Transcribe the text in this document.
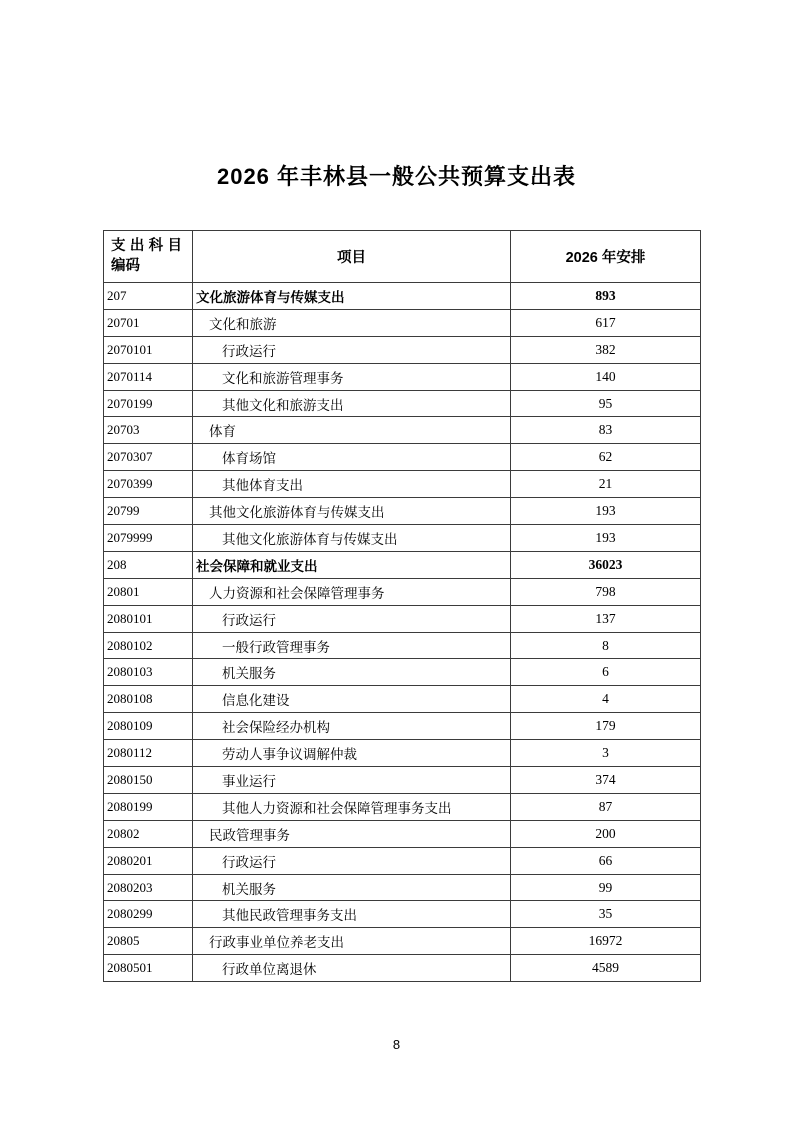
2026 年丰林县一般公共预算支出表
支出科目
编码	项目	2026 年安排
207	文化旅游体育与传媒支出	893
20701	文化和旅游	617
2070101	行政运行	382
2070114	文化和旅游管理事务	140
2070199	其他文化和旅游支出	95
20703	体育	83
2070307	体育场馆	62
2070399	其他体育支出	21
20799	其他文化旅游体育与传媒支出	193
2079999	其他文化旅游体育与传媒支出	193
208	社会保障和就业支出	36023
20801	人力资源和社会保障管理事务	798
2080101	行政运行	137
2080102	一般行政管理事务	8
2080103	机关服务	6
2080108	信息化建设	4
2080109	社会保险经办机构	179
2080112	劳动人事争议调解仲裁	3
2080150	事业运行	374
2080199	其他人力资源和社会保障管理事务支出	87
20802	民政管理事务	200
2080201	行政运行	66
2080203	机关服务	99
2080299	其他民政管理事务支出	35
20805	行政事业单位养老支出	16972
2080501	行政单位离退休	4589
8
